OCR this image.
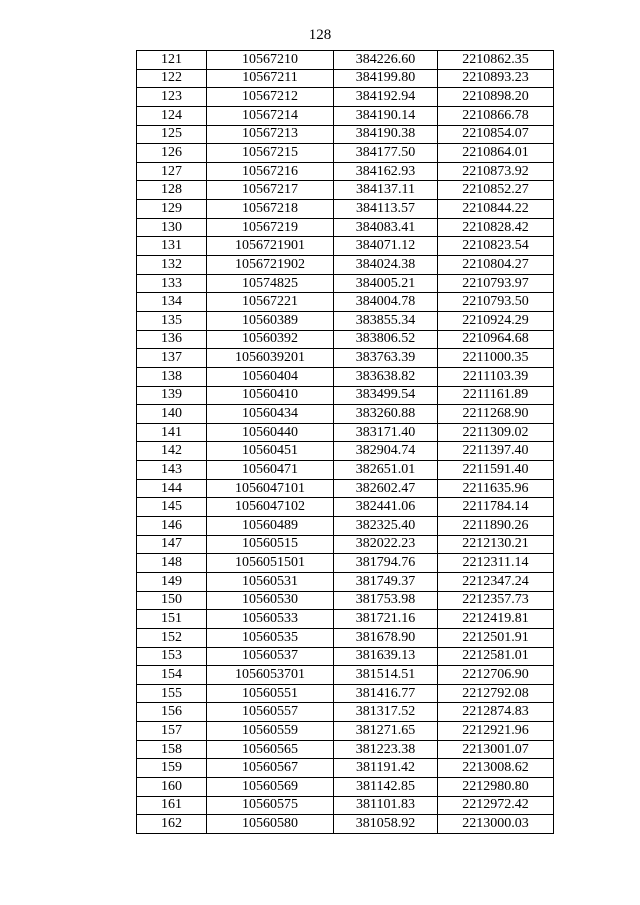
128
121	10567210	384226.60	2210862.35
122	10567211	384199.80	2210893.23
123	10567212	384192.94	2210898.20
124	10567214	384190.14	2210866.78
125	10567213	384190.38	2210854.07
126	10567215	384177.50	2210864.01
127	10567216	384162.93	2210873.92
128	10567217	384137.11	2210852.27
129	10567218	384113.57	2210844.22
130	10567219	384083.41	2210828.42
131	1056721901	384071.12	2210823.54
132	1056721902	384024.38	2210804.27
133	10574825	384005.21	2210793.97
134	10567221	384004.78	2210793.50
135	10560389	383855.34	2210924.29
136	10560392	383806.52	2210964.68
137	1056039201	383763.39	2211000.35
138	10560404	383638.82	2211103.39
139	10560410	383499.54	2211161.89
140	10560434	383260.88	2211268.90
141	10560440	383171.40	2211309.02
142	10560451	382904.74	2211397.40
143	10560471	382651.01	2211591.40
144	1056047101	382602.47	2211635.96
145	1056047102	382441.06	2211784.14
146	10560489	382325.40	2211890.26
147	10560515	382022.23	2212130.21
148	1056051501	381794.76	2212311.14
149	10560531	381749.37	2212347.24
150	10560530	381753.98	2212357.73
151	10560533	381721.16	2212419.81
152	10560535	381678.90	2212501.91
153	10560537	381639.13	2212581.01
154	1056053701	381514.51	2212706.90
155	10560551	381416.77	2212792.08
156	10560557	381317.52	2212874.83
157	10560559	381271.65	2212921.96
158	10560565	381223.38	2213001.07
159	10560567	381191.42	2213008.62
160	10560569	381142.85	2212980.80
161	10560575	381101.83	2212972.42
162	10560580	381058.92	2213000.03
